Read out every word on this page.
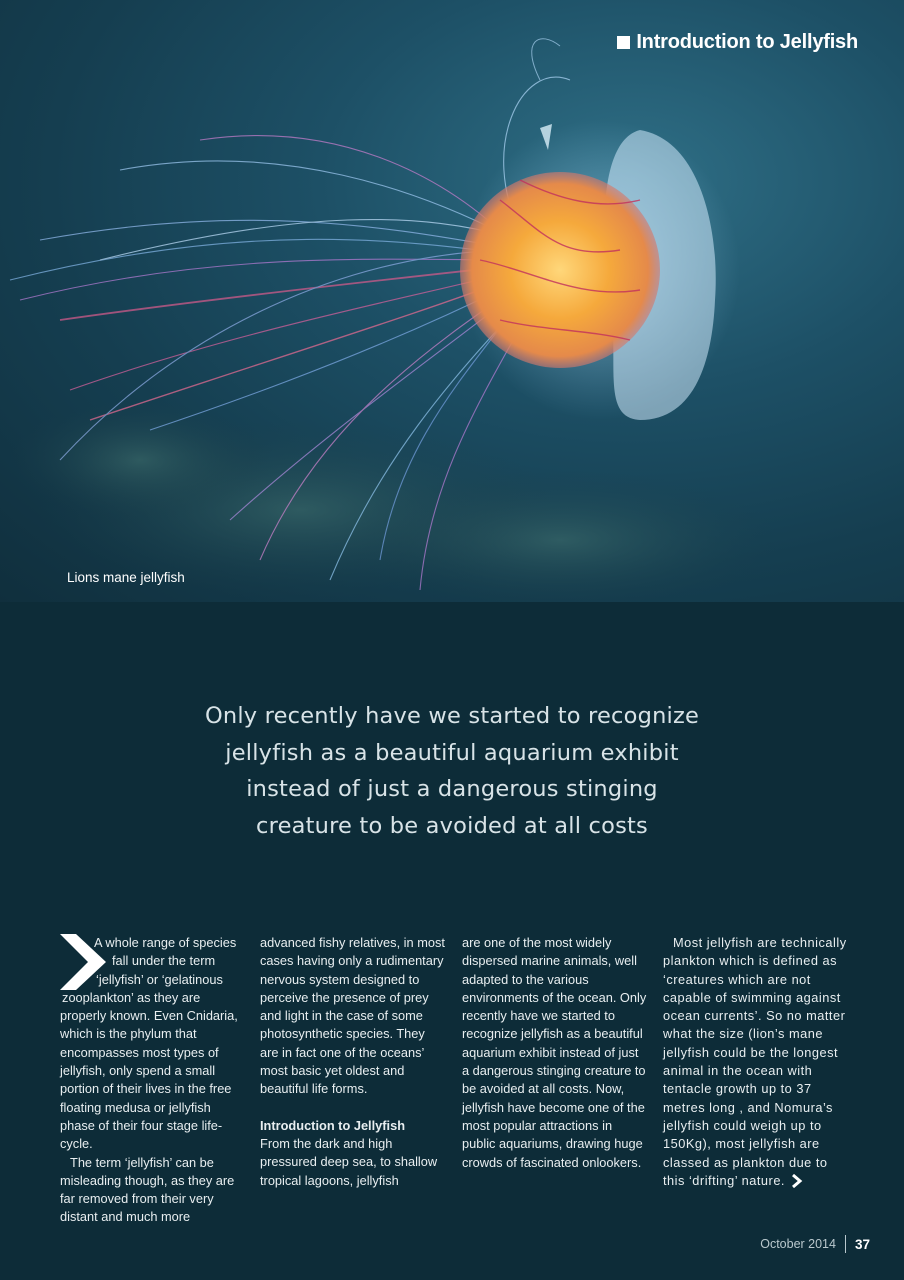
Introduction to Jellyfish
Lions mane jellyfish
Only recently have we started to recognize
jellyfish as a beautiful aquarium exhibit
instead of just a dangerous stinging
creature to be avoided at all costs

A whole range of species fall under the term ‘jellyfish’ or ‘gelatinous zooplankton’ as they are properly known. Even Cnidaria, which is the phylum that encompasses most types of jellyfish, only spend a small portion of their lives in the free floating medusa or jellyfish phase of their four stage life-cycle.

The term ‘jellyfish’ can be misleading though, as they are far removed from their very distant and much more

advanced fishy relatives, in most cases having only a rudimentary nervous system designed to perceive the presence of prey and light in the case of some photosynthetic species. They are in fact one of the oceans’ most basic yet oldest and beautiful life forms.

Introduction to Jellyfish

From the dark and high pressured deep sea, to shallow tropical lagoons, jellyfish

are one of the most widely dispersed marine animals, well adapted to the various environments of the ocean. Only recently have we started to recognize jellyfish as a beautiful aquarium exhibit instead of just a dangerous stinging creature to be avoided at all costs. Now, jellyfish have become one of the most popular attractions in public aquariums, drawing huge crowds of fascinated onlookers.

Most jellyfish are technically plankton which is defined as ‘creatures which are not capable of swimming against ocean currents’. So no matter what the size (lion’s mane jellyfish could be the longest animal in the ocean with tentacle growth up to 37 metres long , and Nomura’s jellyfish could weigh up to 150Kg), most jellyfish are classed as plankton due to this ‘drifting’ nature.

October 2014 37
